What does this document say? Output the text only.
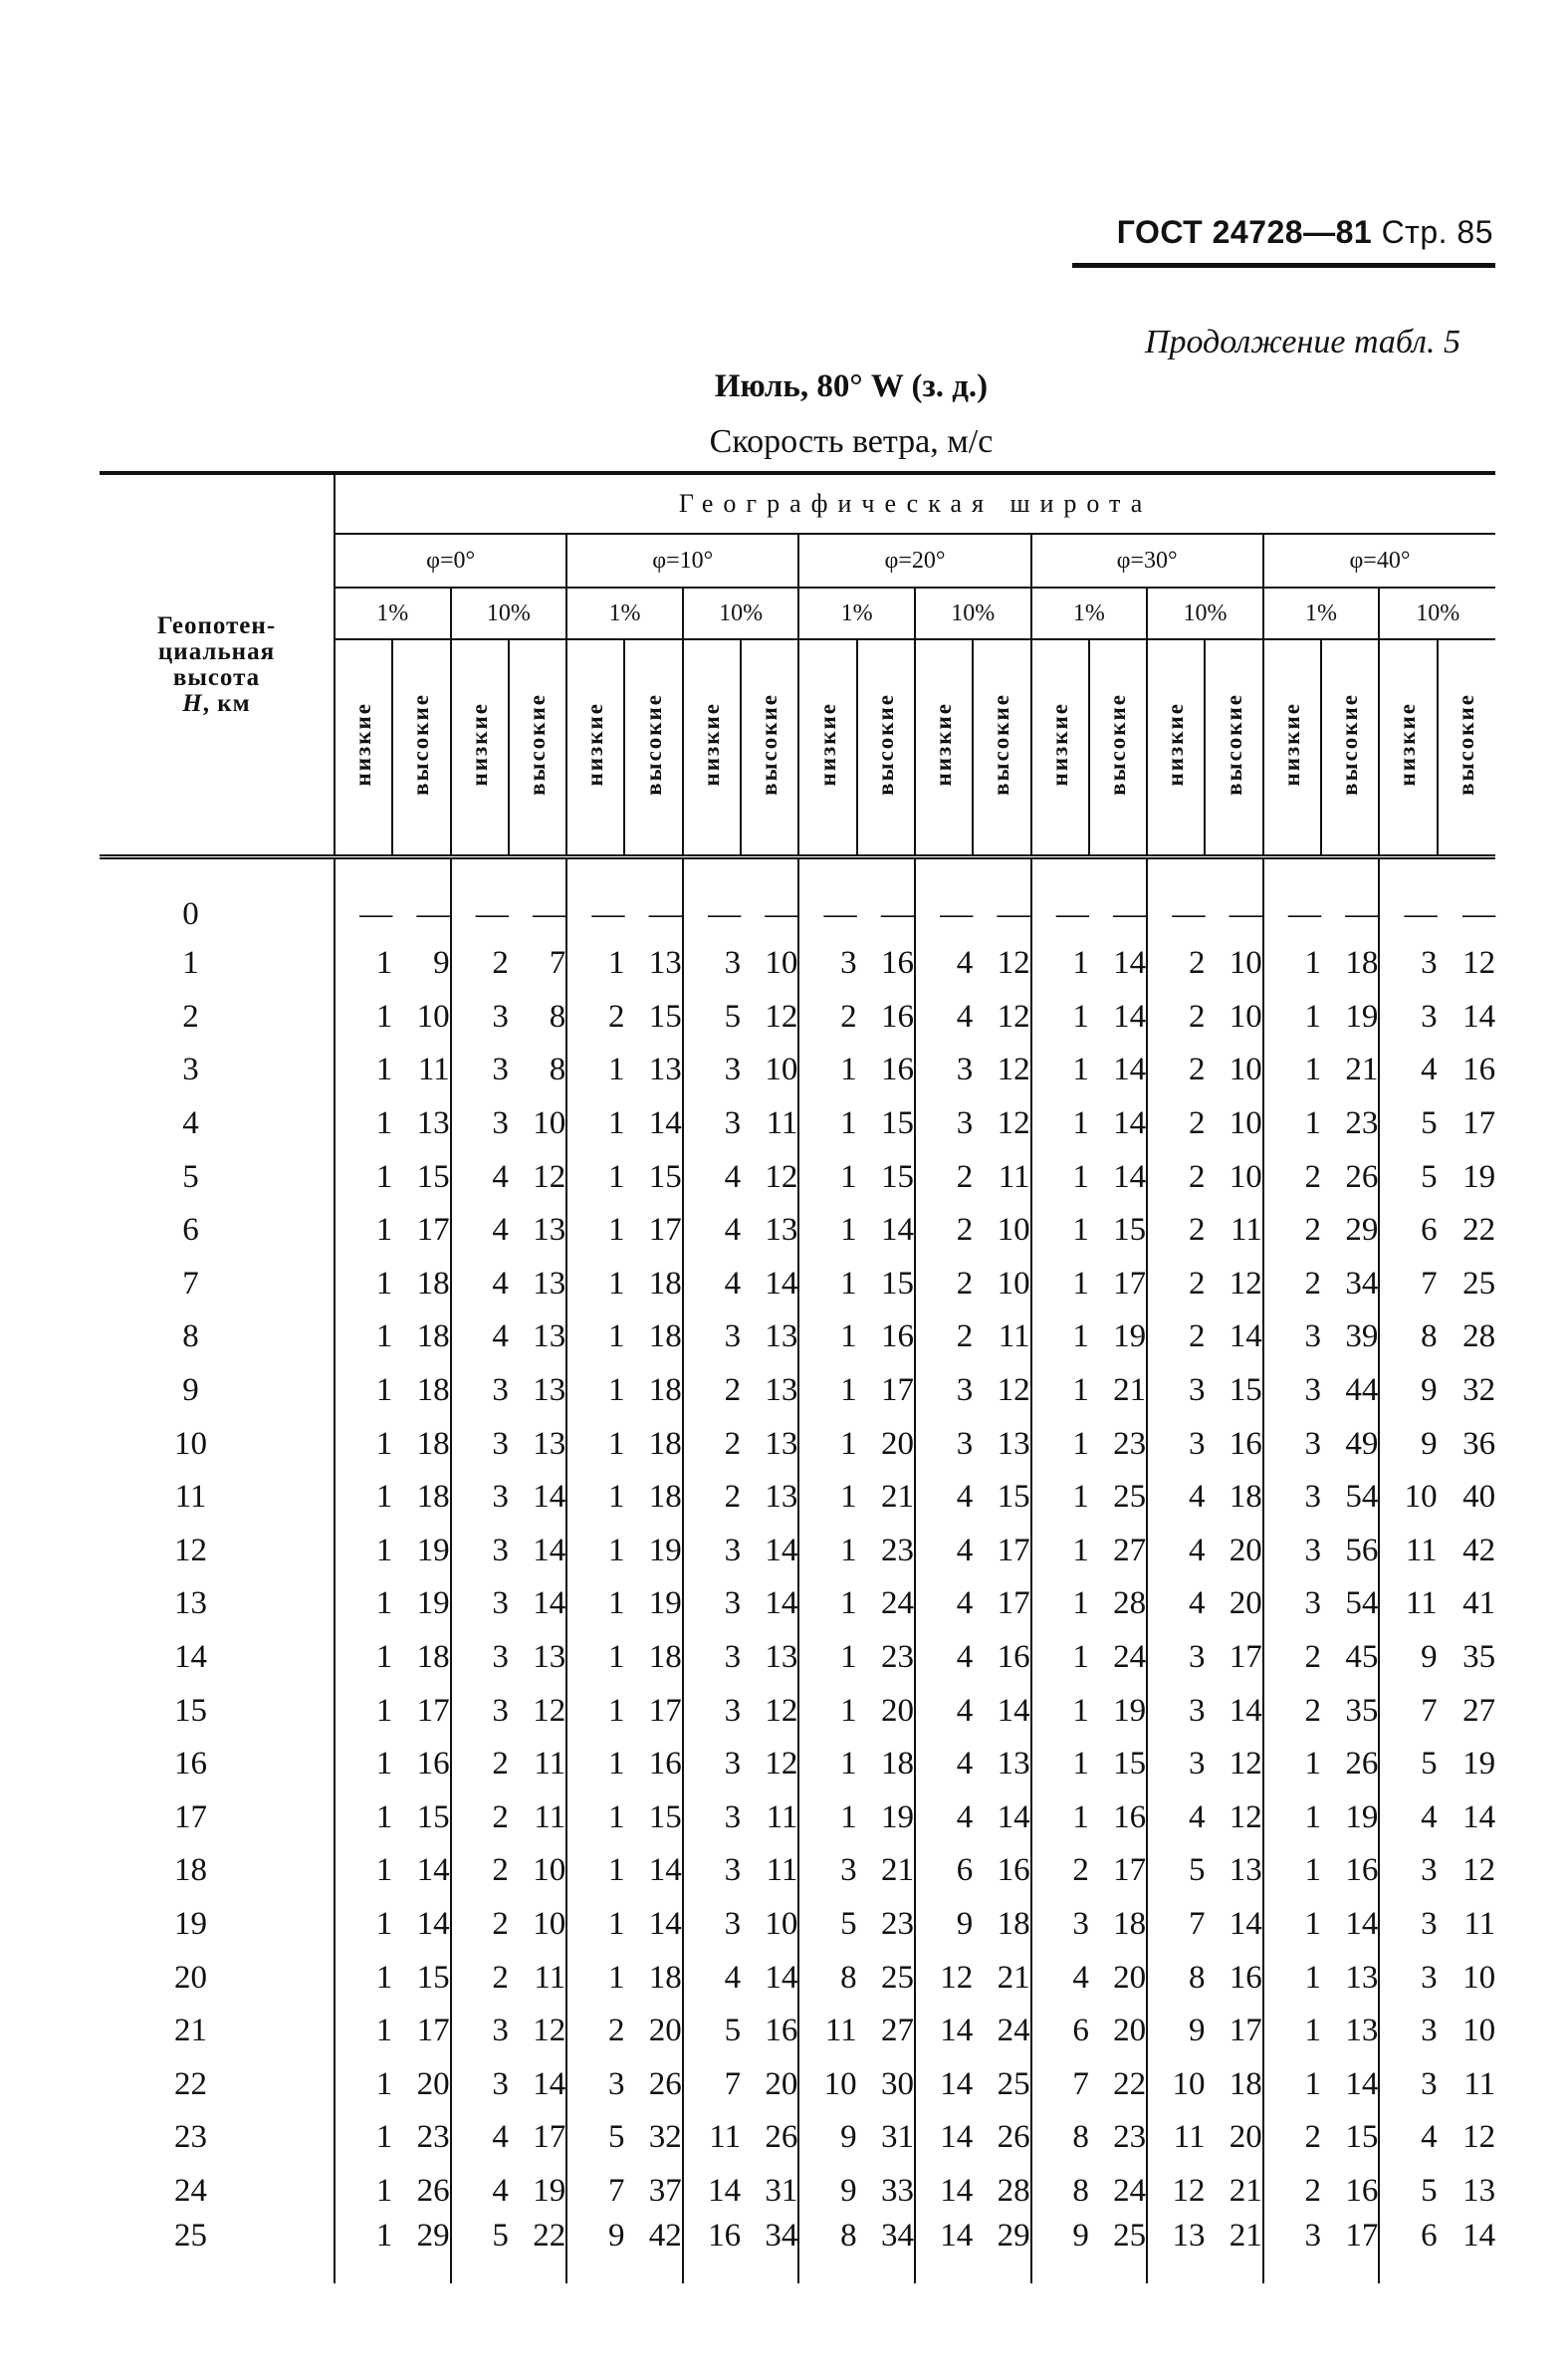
ГОСТ 24728—81 Стр. 85
Продолжение табл. 5
Июль, 80° W (з. д.)
Скорость ветра, м/с
Геопотен-
циальная
высота
H, км	Географическая широта																			
	φ=0°				φ=10°				φ=20°				φ=30°				φ=40°			
	1%		10%		1%		10%		1%		10%		1%		10%		1%		10%	
	низкие	высокие	низкие	высокие	низкие	высокие	низкие	высокие	низкие	высокие	низкие	высокие	низкие	высокие	низкие	высокие	низкие	высокие	низкие	высокие
0	—	—	—	—	—	—	—	—	—	—	—	—	—	—	—	—	—	—	—	—
1	1	9	2	7	1	13	3	10	3	16	4	12	1	14	2	10	1	18	3	12
2	1	10	3	8	2	15	5	12	2	16	4	12	1	14	2	10	1	19	3	14
3	1	11	3	8	1	13	3	10	1	16	3	12	1	14	2	10	1	21	4	16
4	1	13	3	10	1	14	3	11	1	15	3	12	1	14	2	10	1	23	5	17
5	1	15	4	12	1	15	4	12	1	15	2	11	1	14	2	10	2	26	5	19
6	1	17	4	13	1	17	4	13	1	14	2	10	1	15	2	11	2	29	6	22
7	1	18	4	13	1	18	4	14	1	15	2	10	1	17	2	12	2	34	7	25
8	1	18	4	13	1	18	3	13	1	16	2	11	1	19	2	14	3	39	8	28
9	1	18	3	13	1	18	2	13	1	17	3	12	1	21	3	15	3	44	9	32
10	1	18	3	13	1	18	2	13	1	20	3	13	1	23	3	16	3	49	9	36
11	1	18	3	14	1	18	2	13	1	21	4	15	1	25	4	18	3	54	10	40
12	1	19	3	14	1	19	3	14	1	23	4	17	1	27	4	20	3	56	11	42
13	1	19	3	14	1	19	3	14	1	24	4	17	1	28	4	20	3	54	11	41
14	1	18	3	13	1	18	3	13	1	23	4	16	1	24	3	17	2	45	9	35
15	1	17	3	12	1	17	3	12	1	20	4	14	1	19	3	14	2	35	7	27
16	1	16	2	11	1	16	3	12	1	18	4	13	1	15	3	12	1	26	5	19
17	1	15	2	11	1	15	3	11	1	19	4	14	1	16	4	12	1	19	4	14
18	1	14	2	10	1	14	3	11	3	21	6	16	2	17	5	13	1	16	3	12
19	1	14	2	10	1	14	3	10	5	23	9	18	3	18	7	14	1	14	3	11
20	1	15	2	11	1	18	4	14	8	25	12	21	4	20	8	16	1	13	3	10
21	1	17	3	12	2	20	5	16	11	27	14	24	6	20	9	17	1	13	3	10
22	1	20	3	14	3	26	7	20	10	30	14	25	7	22	10	18	1	14	3	11
23	1	23	4	17	5	32	11	26	9	31	14	26	8	23	11	20	2	15	4	12
24	1	26	4	19	7	37	14	31	9	33	14	28	8	24	12	21	2	16	5	13
25	1	29	5	22	9	42	16	34	8	34	14	29	9	25	13	21	3	17	6	14
